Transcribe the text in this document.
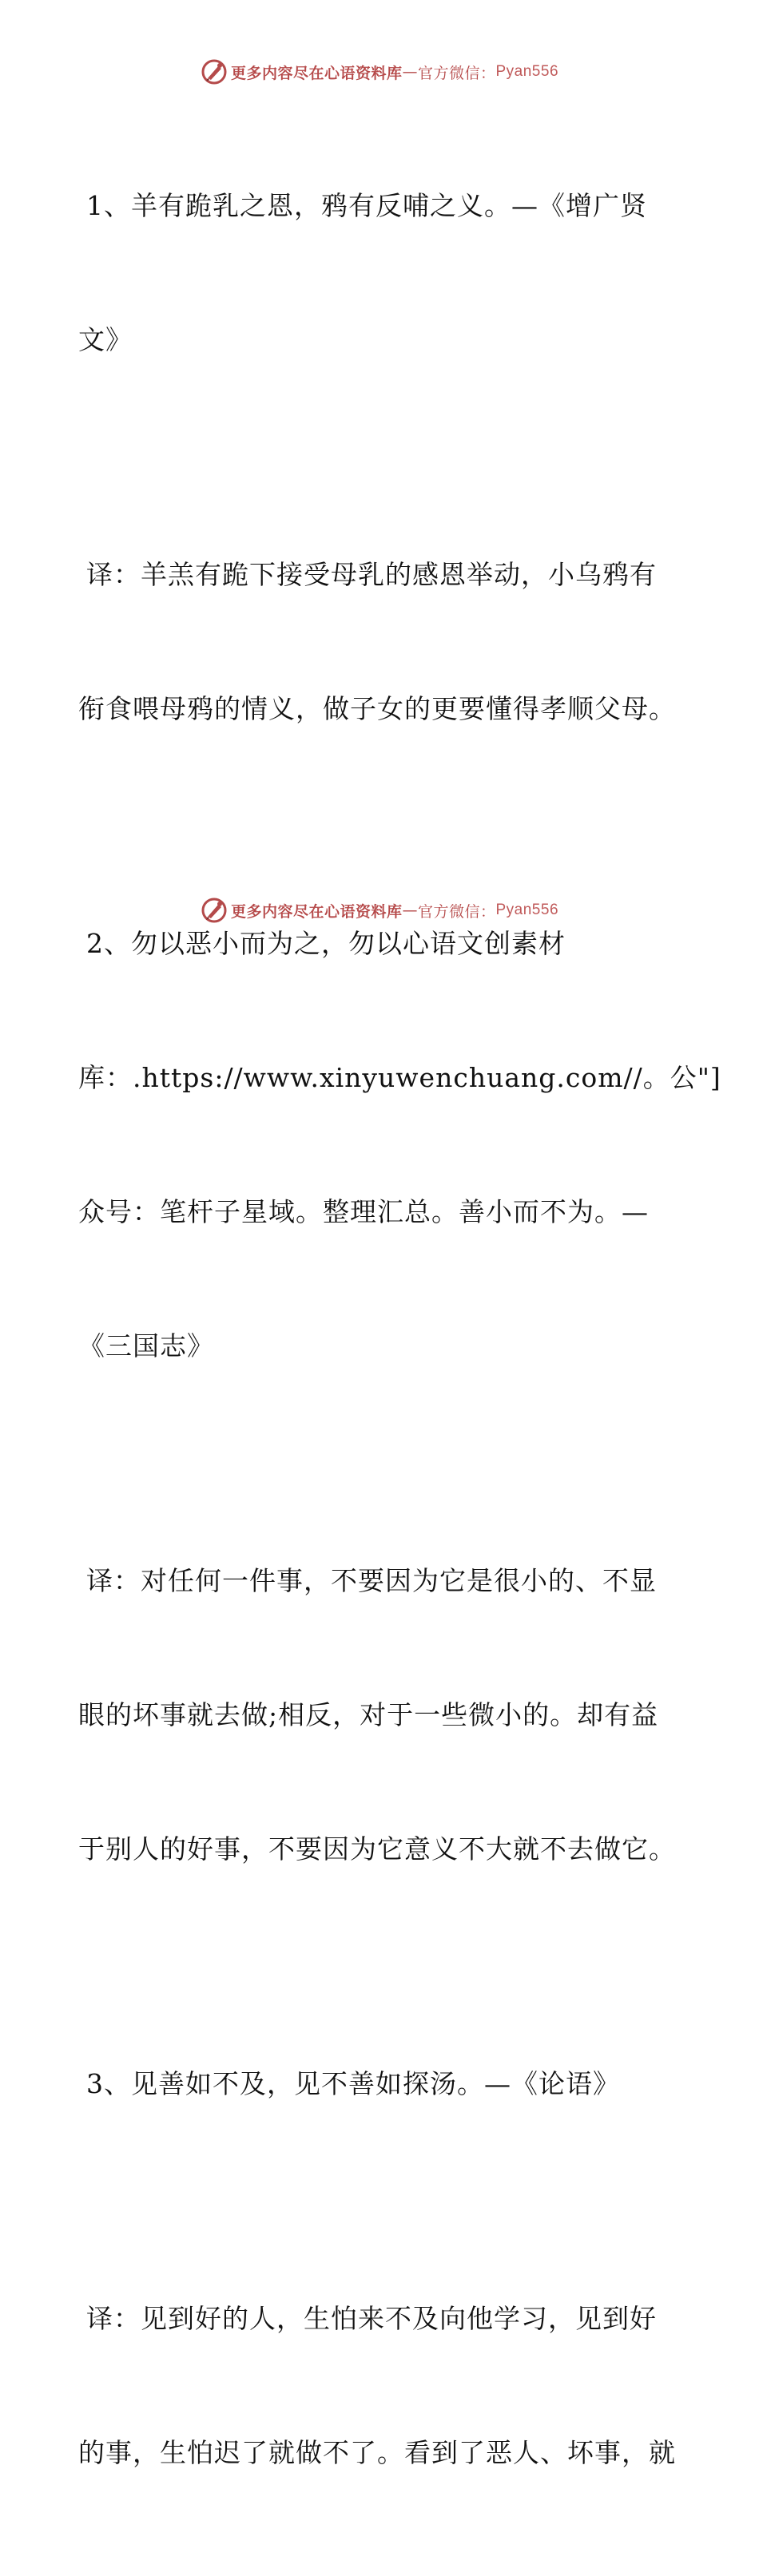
更多内容尽在心语资料库 — 官方微信： Pyan556

1、羊有跪乳之恩，鸦有反哺之义。—《增广贤

文》

译：羊羔有跪下接受母乳的感恩举动，小乌鸦有

衔食喂母鸦的情义，做子女的更要懂得孝顺父母。

2、勿以恶小而为之，勿以心语文创素材

库：.https://www.xinyuwenchuang.com//。公"]

众号：笔杆子星域。整理汇总。善小而不为。—

《三国志》

译：对任何一件事，不要因为它是很小的、不显

眼的坏事就去做;相反，对于一些微小的。却有益

于别人的好事，不要因为它意义不大就不去做它。

3、见善如不及，见不善如探汤。—《论语》

译：见到好的人，生怕来不及向他学习，见到好

的事，生怕迟了就做不了。看到了恶人、坏事，就

更多内容尽在心语资料库 — 官方微信： Pyan556
